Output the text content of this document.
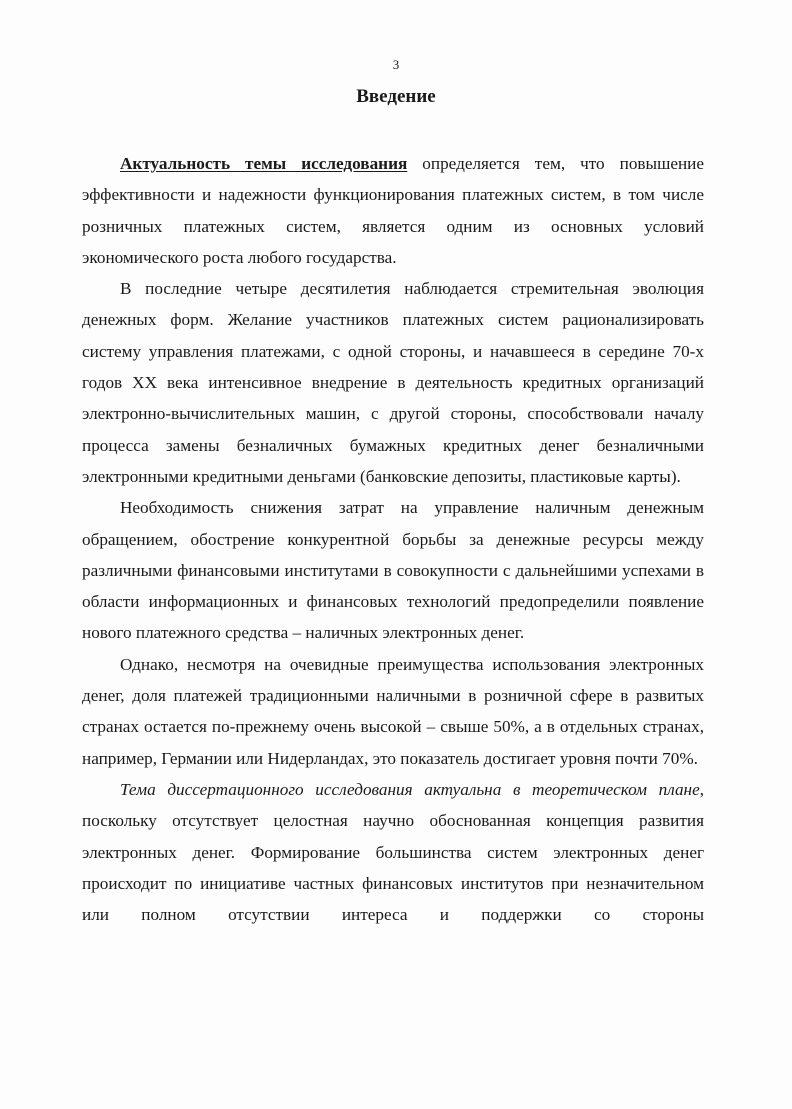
3
Введение

Актуальность темы исследования определяется тем, что повышение эффективности и надежности функционирования платежных систем, в том числе розничных платежных систем, является одним из основных условий экономического роста любого государства.

В последние четыре десятилетия наблюдается стремительная эволюция денежных форм. Желание участников платежных систем рационализировать систему управления платежами, с одной стороны, и начавшееся в середине 70-х годов XX века интенсивное внедрение в деятельность кредитных организаций электронно-вычислительных машин, с другой стороны, способствовали началу процесса замены безналичных бумажных кредитных денег безналичными электронными кредитными деньгами (банковские депозиты, пластиковые карты).

Необходимость снижения затрат на управление наличным денежным обращением, обострение конкурентной борьбы за денежные ресурсы между различными финансовыми институтами в совокупности с дальнейшими успехами в области информационных и финансовых технологий предопределили появление нового платежного средства – наличных электронных денег.

Однако, несмотря на очевидные преимущества использования электронных денег, доля платежей традиционными наличными в розничной сфере в развитых странах остается по-прежнему очень высокой – свыше 50%, а в отдельных странах, например, Германии или Нидерландах, это показатель достигает уровня почти 70%.

Тема диссертационного исследования актуальна в теоретическом плане, поскольку отсутствует целостная научно обоснованная концепция развития электронных денег. Формирование большинства систем электронных денег происходит по инициативе частных финансовых институтов при незначительном или полном отсутствии интереса и поддержки со стороны
